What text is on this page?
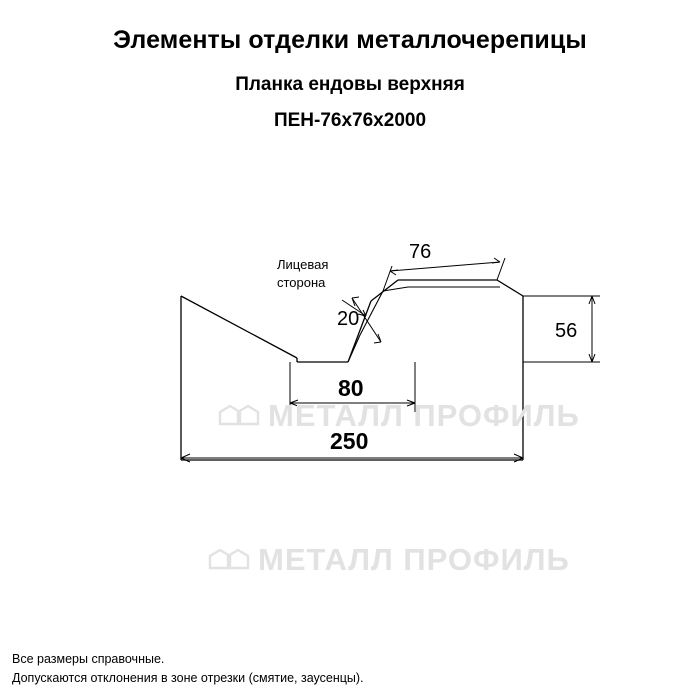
Элементы отделки металлочерепицы
Планка ендовы верхняя
ПЕН-76x76x2000
МЕТАЛЛ ПРОФИЛЬ
МЕТАЛЛ ПРОФИЛЬ
76
20
56
80
250
Лицевая
сторона
Все размеры справочные.
Допускаются отклонения в зоне отрезки (смятие, заусенцы).
